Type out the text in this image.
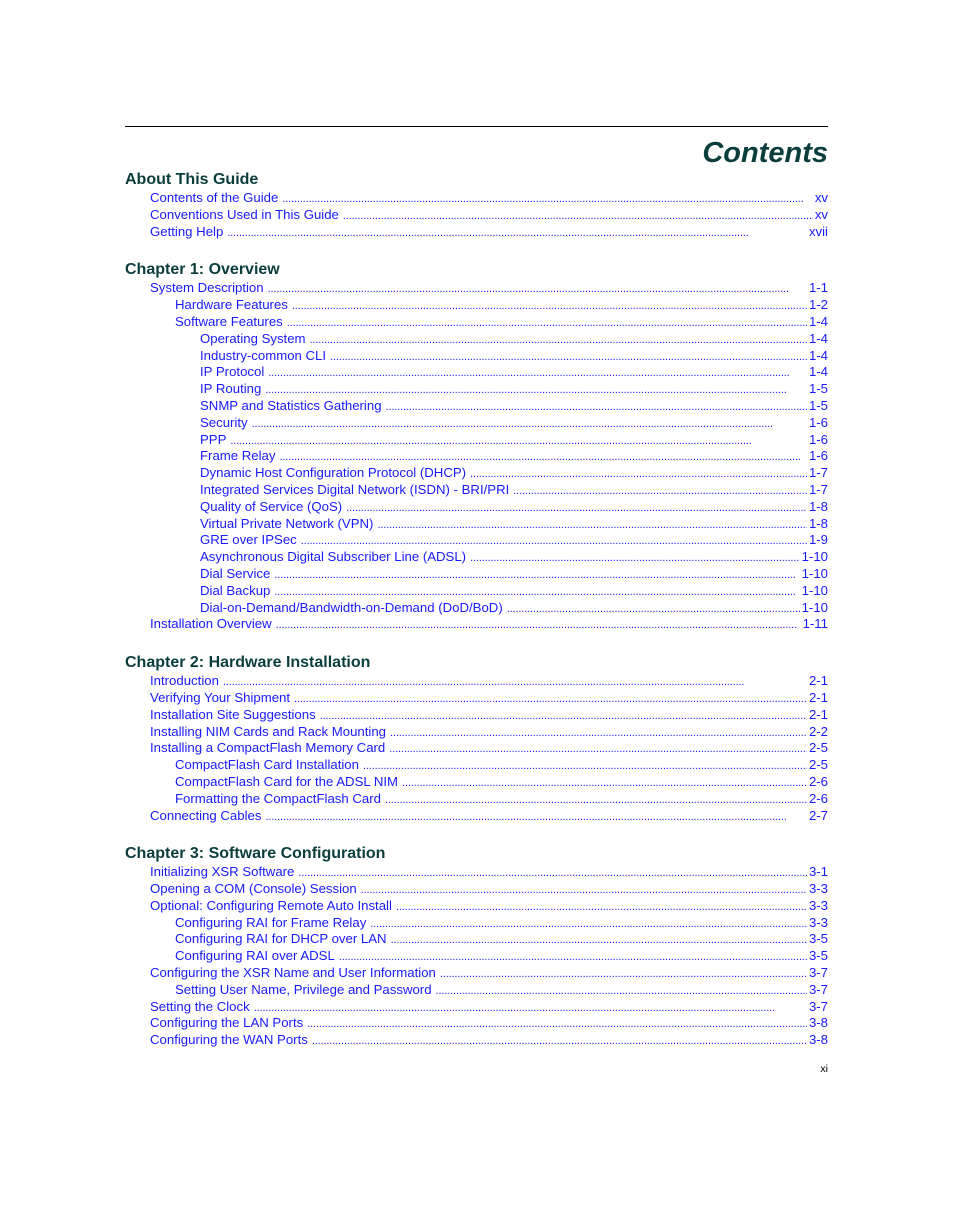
Contents
About This Guide
Contents of the Guide . . .	xv
Conventions Used in This Guide . . .	xv
Getting Help . . .	xvii
Chapter 1: Overview
System Description . . .	1-1
Hardware Features . . .	1-2
Software Features . . .	1-4
Operating System . . .	1-4
Industry-common CLI . . .	1-4
IP Protocol . . .	1-4
IP Routing . . .	1-5
SNMP and Statistics Gathering . . .	1-5
Security . . .	1-6
PPP . . .	1-6
Frame Relay . . .	1-6
Dynamic Host Configuration Protocol (DHCP) . . .	1-7
Integrated Services Digital Network (ISDN) - BRI/PRI . . .	1-7
Quality of Service (QoS) . . .	1-8
Virtual Private Network (VPN) . . .	1-8
GRE over IPSec . . .	1-9
Asynchronous Digital Subscriber Line (ADSL) . . .	1-10
Dial Service . . .	1-10
Dial Backup . . .	1-10
Dial-on-Demand/Bandwidth-on-Demand (DoD/BoD) . . .	1-10
Installation Overview . . .	1-11
Chapter 2: Hardware Installation
Introduction . . .	2-1
Verifying Your Shipment . . .	2-1
Installation Site Suggestions . . .	2-1
Installing NIM Cards and Rack Mounting . . .	2-2
Installing a CompactFlash Memory Card . . .	2-5
CompactFlash Card Installation . . .	2-5
CompactFlash Card for the ADSL NIM . . .	2-6
Formatting the CompactFlash Card . . .	2-6
Connecting Cables . . .	2-7
Chapter 3: Software Configuration
Initializing XSR Software . . .	3-1
Opening a COM (Console) Session . . .	3-3
Optional: Configuring Remote Auto Install . . .	3-3
Configuring RAI for Frame Relay . . .	3-3
Configuring RAI for DHCP over LAN . . .	3-5
Configuring RAI over ADSL . . .	3-5
Configuring the XSR Name and User Information . . .	3-7
Setting User Name, Privilege and Password . . .	3-7
Setting the Clock . . .	3-7
Configuring the LAN Ports . . .	3-8
Configuring the WAN Ports . . .	3-8
xi
